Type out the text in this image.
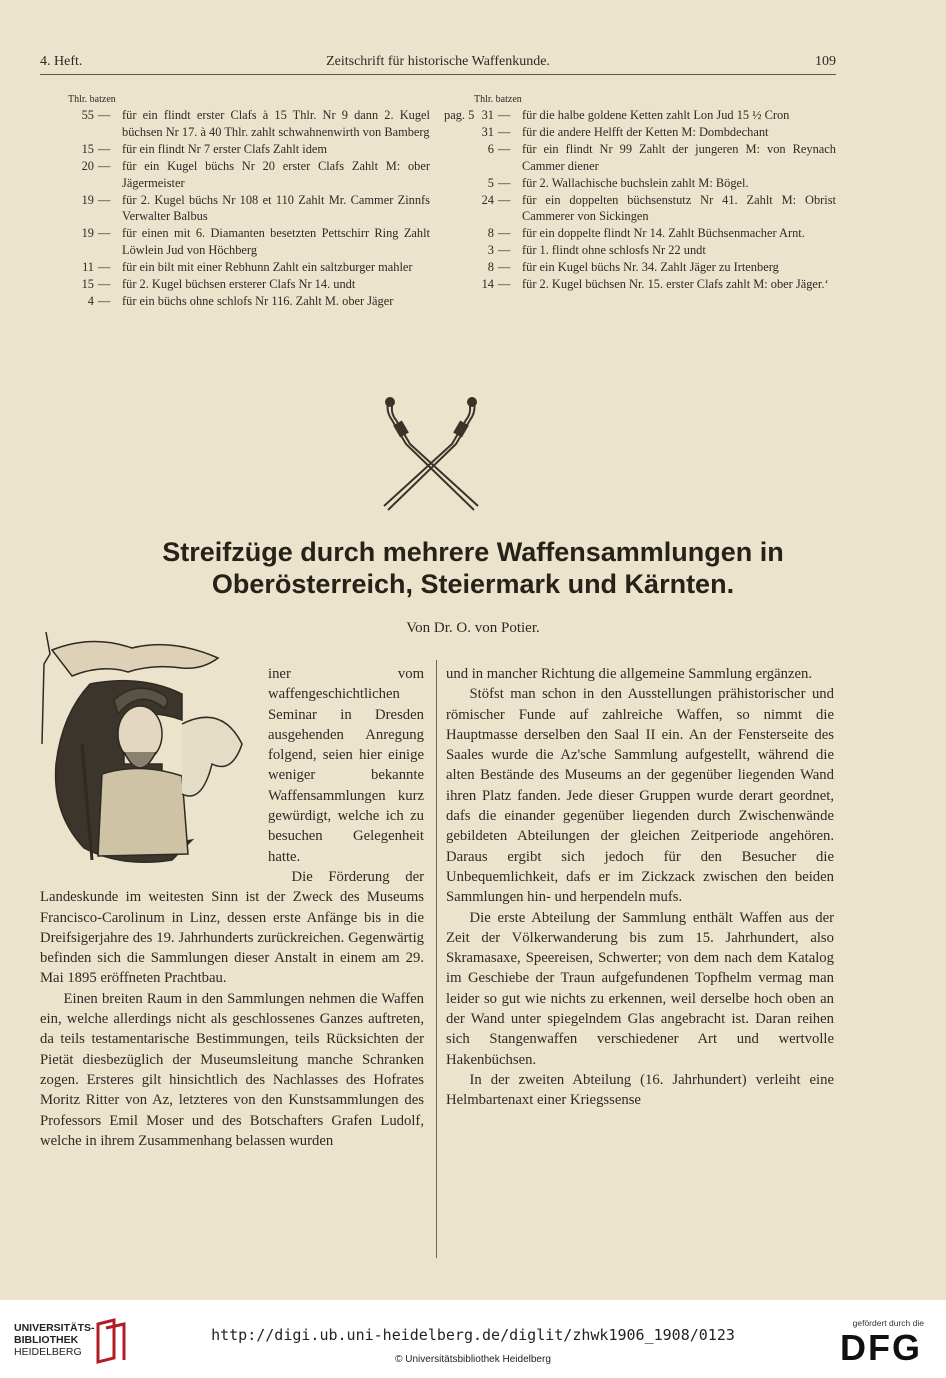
4. Heft.	Zeitschrift für historische Waffenkunde.	109
Thlr. batzen
55 — für ein flindt erster Clafs à 15 Thlr. Nr 9 dann 2. Kugel büchsen Nr 17. à 40 Thlr. zahlt schwahnenwirth von Bamberg
15 — für ein flindt Nr 7 erster Clafs Zahlt idem
20 — für ein Kugel büchs Nr 20 erster Clafs Zahlt M: ober Jägermeister
19 — für 2. Kugel büchs Nr 108 et 110 Zahlt Mr. Cammer Zinnfs Verwalter Balbus
19 — für einen mit 6. Diamanten besetzten Pettschirr Ring Zahlt Löwlein Jud von Höchberg
11 — für ein bilt mit einer Rebhunn Zahlt ein saltzburger mahler
15 — für 2. Kugel büchsen ersterer Clafs Nr 14. undt
4 — für ein büchs ohne schlofs Nr 116. Zahlt M. ober Jäger
Thlr. batzen
pag. 5 31 — für die halbe goldene Ketten zahlt Lon Jud 15 ½ Cron
31 — für die andere Helfft der Ketten M: Dombdechant
6 — für ein flindt Nr 99 Zahlt der jungeren M: von Reynach Cammer diener
5 — für 2. Wallachische buchslein zahlt M: Bögel.
24 — für ein doppelten büchsenstutz Nr 41. Zahlt M: Obrist Cammerer von Sickingen
8 — für ein doppelte flindt Nr 14. Zahlt Büchsenmacher Arnt.
3 — für 1. flindt ohne schlosfs Nr 22 undt
8 — für ein Kugel büchs Nr. 34. Zahlt Jäger zu Irtenberg
14 — für 2. Kugel büchsen Nr. 15. erster Clafs zahlt M: ober Jäger.‘
Streifzüge durch mehrere Waffensammlungen in
Oberösterreich, Steiermark und Kärnten.
Von Dr. O. von Potier.

iner vom waffengeschichtlichen Seminar in Dresden ausgehenden Anregung folgend, seien hier einige weniger bekannte Waffensammlungen kurz gewürdigt, welche ich zu besuchen Gelegenheit hatte.

Die Förderung der Landeskunde im weitesten Sinn ist der Zweck des Museums Francisco-Carolinum in Linz, dessen erste Anfänge bis in die Dreifsigerjahre des 19. Jahrhunderts zurückreichen. Gegenwärtig befinden sich die Sammlungen dieser Anstalt in einem am 29. Mai 1895 eröffneten Prachtbau.

Einen breiten Raum in den Sammlungen nehmen die Waffen ein, welche allerdings nicht als geschlossenes Ganzes auftreten, da teils testamentarische Bestimmungen, teils Rücksichten der Pietät diesbezüglich der Museumsleitung manche Schranken zogen. Ersteres gilt hinsichtlich des Nachlasses des Hofrates Moritz Ritter von Az, letzteres von den Kunstsammlungen des Professors Emil Moser und des Botschafters Grafen Ludolf, welche in ihrem Zusammenhang belassen wurden

und in mancher Richtung die allgemeine Sammlung ergänzen.

Stöfst man schon in den Ausstellungen prähistorischer und römischer Funde auf zahlreiche Waffen, so nimmt die Hauptmasse derselben den Saal II ein. An der Fensterseite des Saales wurde die Az'sche Sammlung aufgestellt, während die alten Bestände des Museums an der gegenüber liegenden Wand ihren Platz fanden. Jede dieser Gruppen wurde derart geordnet, dafs die einander gegenüber liegenden durch Zwischenwände gebildeten Abteilungen der gleichen Zeitperiode angehören. Daraus ergibt sich jedoch für den Besucher die Unbequemlichkeit, dafs er im Zickzack zwischen den beiden Sammlungen hin- und herpendeln mufs.

Die erste Abteilung der Sammlung enthält Waffen aus der Zeit der Völkerwanderung bis zum 15. Jahrhundert, also Skramasaxe, Speereisen, Schwerter; von dem nach dem Katalog im Geschiebe der Traun aufgefundenen Topfhelm vermag man leider so gut wie nichts zu erkennen, weil derselbe hoch oben an der Wand unter spiegelndem Glas angebracht ist. Daran reihen sich Stangenwaffen verschiedener Art und wertvolle Hakenbüchsen.

In der zweiten Abteilung (16. Jahrhundert) verleiht eine Helmbartenaxt einer Kriegssense

UNIVERSITÄTS-
BIBLIOTHEK
HEIDELBERG
http://digi.ub.uni-heidelberg.de/diglit/zhwk1906_1908/0123
© Universitätsbibliothek Heidelberg
gefördert durch die
DFG
